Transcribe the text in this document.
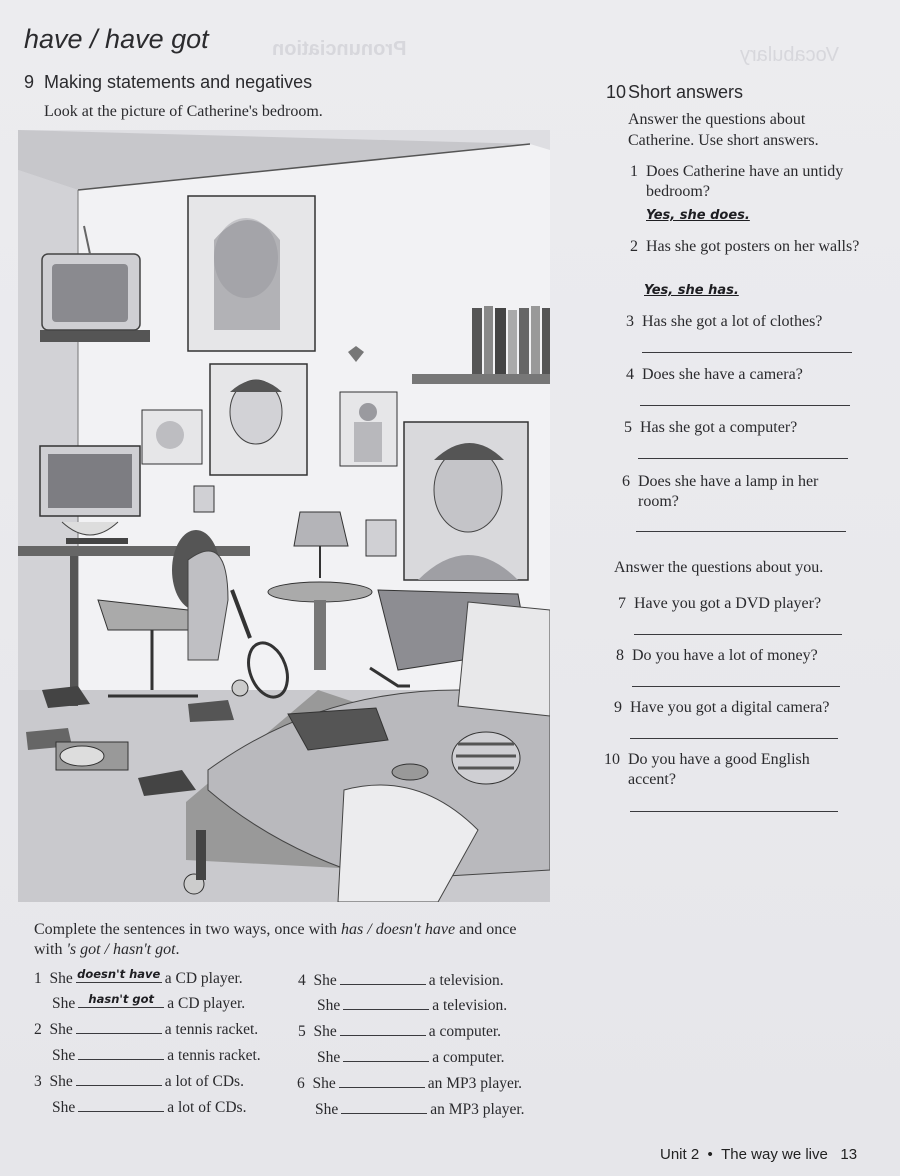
Pronunciation	Vocabulary
have / have got
9 Making statements and negatives
Look at the picture of Catherine's bedroom.
10 Short answers
Answer the questions about Catherine. Use short answers.
1 Does Catherine have an untidy bedroom?
Yes, she does.
2 Has she got posters on her walls?
Yes, she has.
3 Has she got a lot of clothes?
4 Does she have a camera?
5 Has she got a computer?
6 Does she have a lamp in her room?
Answer the questions about you.
7 Have you got a DVD player?
8 Do you have a lot of money?
9 Have you got a digital camera?
10 Do you have a good English accent?
Complete the sentences in two ways, once with has / doesn't have and once with 's got / hasn't got.
1 She doesn't have a CD player.
She	hasn't got a CD player.
2 She	a tennis racket.
She	a tennis racket.
3 She	a lot of CDs.
She	a lot of CDs.
4 She	a television.
She	a television.
5 She	a computer.
She	a computer.
6 She	an MP3 player.
She	an MP3 player.
Unit 2 • The way we live 13
